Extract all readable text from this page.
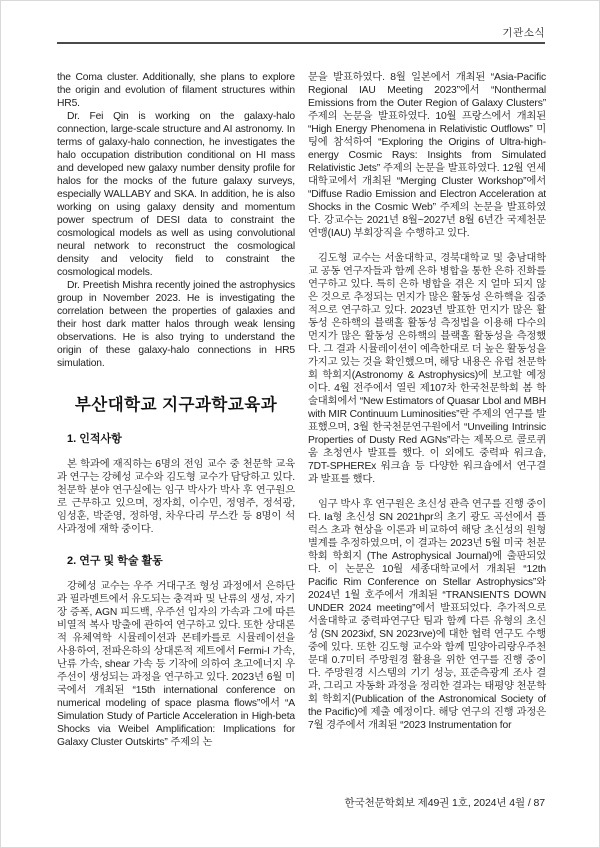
기관소식

the Coma cluster. Additionally, she plans to explore the origin and evolution of filament structures within HR5.

Dr. Fei Qin is working on the galaxy-halo connection, large-scale structure and AI astronomy. In terms of galaxy-halo connection, he investigates the halo occupation distribution conditional on HI mass and developed new galaxy number density profile for halos for the mocks of the future galaxy surveys, especially WALLABY and SKA. In addition, he is also working on using galaxy density and momentum power spectrum of DESI data to constraint the cosmological models as well as using convolutional neural network to reconstruct the cosmological density and velocity field to constraint the cosmological models.

Dr. Preetish Mishra recently joined the astrophysics group in November 2023. He is investigating the correlation between the properties of galaxies and their host dark matter halos through weak lensing observations. He is also trying to understand the origin of these galaxy-halo connections in HR5 simulation.

부산대학교 지구과학교육과
1. 인적사항

본 학과에 재직하는 6명의 전임 교수 중 천문학 교육과 연구는 강혜성 교수와 김도형 교수가 담당하고 있다. 천문학 분야 연구실에는 임구 박사가 박사 후 연구원으로 근무하고 있으며, 정자희, 이수민, 정영주, 정석광, 임성훈, 박준영, 정하영, 차우다리 무스칸 등 8명이 석사과정에 재학 중이다.

2. 연구 및 학술 활동

강혜성 교수는 우주 거대구조 형성 과정에서 은하단과 필라멘트에서 유도되는 충격파 및 난류의 생성, 자기장 증폭, AGN 피드백, 우주선 입자의 가속과 그에 따른 비열적 복사 방출에 관하여 연구하고 있다. 또한 상대론적 유체역학 시뮬레이션과 몬테카를로 시뮬레이션을 사용하여, 전파은하의 상대론적 제트에서 Fermi-I 가속, 난류 가속, shear 가속 등 기작에 의하여 초고에너지 우주선이 생성되는 과정을 연구하고 있다. 2023년 6월 미국에서 개최된 “15th international conference on numerical modeling of space plasma flows”에서 “A Simulation Study of Particle Acceleration in High-beta Shocks via Weibel Amplification: Implications for Galaxy Cluster Outskirts” 주제의 논

문을 발표하였다. 8월 일본에서 개최된 “Asia-Pacific Regional IAU Meeting 2023”에서 “Nonthermal Emissions from the Outer Region of Galaxy Clusters” 주제의 논문을 발표하였다. 10월 프랑스에서 개최된 “High Energy Phenomena in Relativistic Outflows” 미팅에 참석하여 “Exploring the Origins of Ultra-high-energy Cosmic Rays: Insights from Simulated Relativistic Jets” 주제의 논문을 발표하였다. 12월 연세대학교에서 개최된 “Merging Cluster Workshop”에서 “Diffuse Radio Emission and Electron Acceleration at Shocks in the Cosmic Web” 주제의 논문을 발표하였다. 강교수는 2021년 8월~2027년 8월 6년간 국제천문연맹(IAU) 부회장직을 수행하고 있다.

김도형 교수는 서울대학교, 경북대학교 및 충남대학교 공동 연구자들과 함께 은하 병합을 통한 은하 진화를 연구하고 있다. 특히 은하 병합을 겪은 지 얼마 되지 않은 것으로 추정되는 먼지가 많은 활동성 은하핵을 집중적으로 연구하고 있다. 2023년 발표한 먼지가 많은 활동성 은하핵의 블랙홀 활동성 측정법을 이용해 다수의 먼지가 많은 활동성 은하핵의 블랙홀 활동성을 측정했다. 그 결과 시뮬레이션이 예측한대로 더 높은 활동성을 가지고 있는 것을 확인했으며, 해당 내용은 유럽 천문학회 학회지(Astronomy & Astrophysics)에 보고할 예정이다. 4월 전주에서 열린 제107차 한국천문학회 봄 학술대회에서 “New Estimators of Quasar Lbol and MBH with MIR Continuum Luminosities”란 주제의 연구를 발표했으며, 3월 한국천문연구원에서 “Unveiling Intrinsic Properties of Dusty Red AGNs”라는 제목으로 콜로퀴움 초청연사 발표를 했다. 이 외에도 중력파 워크숍, 7DT-SPHEREx 워크숍 등 다양한 워크숍에서 연구결과 발표를 했다.

임구 박사 후 연구원은 초신성 관측 연구를 진행 중이다. Ia형 초신성 SN 2021hpr의 초기 광도 곡선에서 플럭스 초과 현상을 이론과 비교하여 해당 초신성의 원형별계를 추정하였으며, 이 결과는 2023년 5월 미국 천문학회 학회지 (The Astrophysical Journal)에 출판되었다. 이 논문은 10월 세종대학교에서 개최된 “12th Pacific Rim Conference on Stellar Astrophysics”와 2024년 1월 호주에서 개최된 “TRANSIENTS DOWN UNDER 2024 meeting”에서 발표되었다. 추가적으로 서울대학교 중력파연구단 팀과 함께 다른 유형의 초신성 (SN 2023ixf, SN 2023rve)에 대한 협력 연구도 수행 중에 있다. 또한 김도형 교수와 함께 밀양아리랑우주천문대 0.7미터 주망원경 활용을 위한 연구를 진행 중이다. 주망원경 시스템의 기기 성능, 표준측광계 조사 결과, 그리고 자동화 과정을 정리한 결과는 태평양 천문학회 학회지(Publication of the Astronomical Society of the Pacific)에 제출 예정이다. 해당 연구의 진행 과정은 7월 경주에서 개최된 “2023 Instrumentation for

한국천문학회보 제49권 1호, 2024년 4월 / 87
